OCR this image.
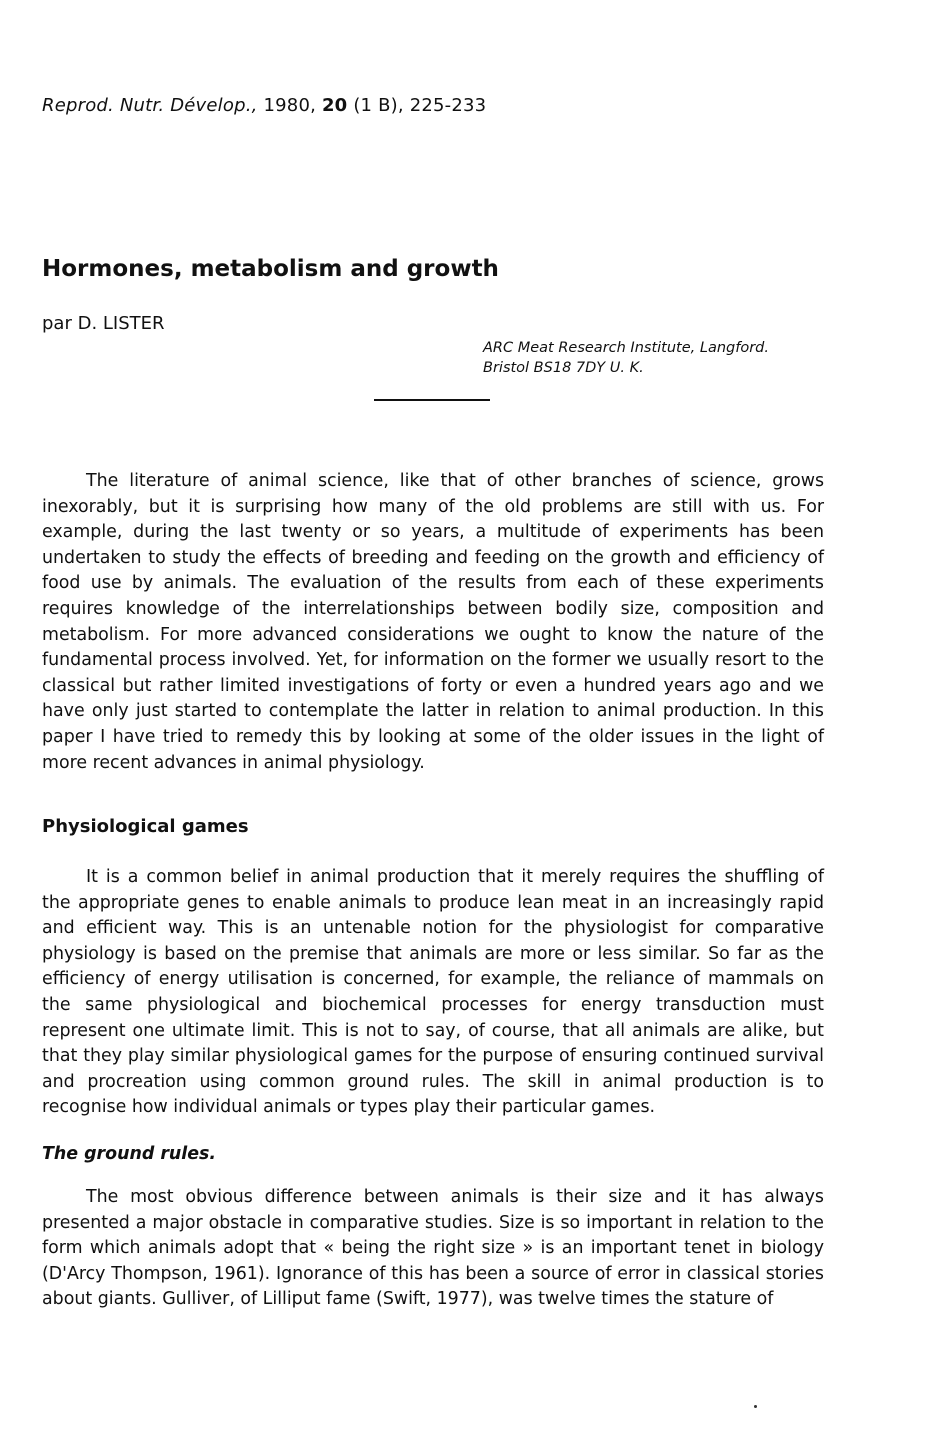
Reprod. Nutr. Dévelop., 1980, 20 (1 B), 225-233
Hormones, metabolism and growth
par D. LISTER
ARC Meat Research Institute, Langford.
Bristol BS18 7DY U. K.

The literature of animal science, like that of other branches of science, grows inexorably, but it is surprising how many of the old problems are still with us. For example, during the last twenty or so years, a multitude of experiments has been undertaken to study the effects of breeding and feeding on the growth and efficiency of food use by animals. The evaluation of the results from each of these experiments requires knowledge of the interrelationships between bodily size, composition and metabolism. For more advanced considerations we ought to know the nature of the fundamental process involved. Yet, for information on the former we usually resort to the classical but rather limited investigations of forty or even a hundred years ago and we have only just started to contemplate the latter in relation to animal production. In this paper I have tried to remedy this by looking at some of the older issues in the light of more recent advances in animal physiology.

Physiological games

It is a common belief in animal production that it merely requires the shuffling of the appropriate genes to enable animals to produce lean meat in an increasingly rapid and efficient way. This is an untenable notion for the physiologist for comparative physiology is based on the premise that animals are more or less similar. So far as the efficiency of energy utilisation is concerned, for example, the reliance of mammals on the same physiological and biochemical processes for energy transduction must represent one ultimate limit. This is not to say, of course, that all animals are alike, but that they play similar physiological games for the purpose of ensuring continued survival and procreation using common ground rules. The skill in animal production is to recognise how individual animals or types play their particular games.

The ground rules.

The most obvious difference between animals is their size and it has always presented a major obstacle in comparative studies. Size is so important in relation to the form which animals adopt that « being the right size » is an important tenet in biology (D'Arcy Thompson, 1961). Ignorance of this has been a source of error in classical stories about giants. Gulliver, of Lilliput fame (Swift, 1977), was twelve times the stature of
